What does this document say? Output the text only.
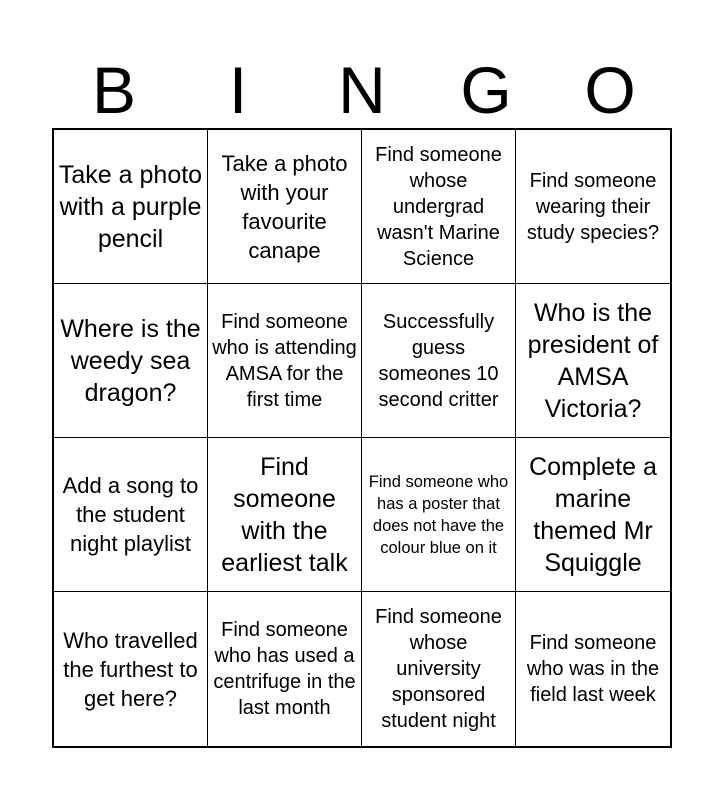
B	I	N	G	O
Take a photo with a purple pencil
Take a photo with your favourite canape
Find someone whose undergrad wasn't Marine Science
Find someone wearing their study species?
Where is the weedy sea dragon?
Find someone who is attending AMSA for the first time
Successfully guess someones 10 second critter
Who is the president of AMSA Victoria?
Add a song to the student night playlist
Find someone with the earliest talk
Find someone who has a poster that does not have the colour blue on it
Complete a marine themed Mr Squiggle
Who travelled the furthest to get here?
Find someone who has used a centrifuge in the last month
Find someone whose university sponsored student night
Find someone who was in the field last week
